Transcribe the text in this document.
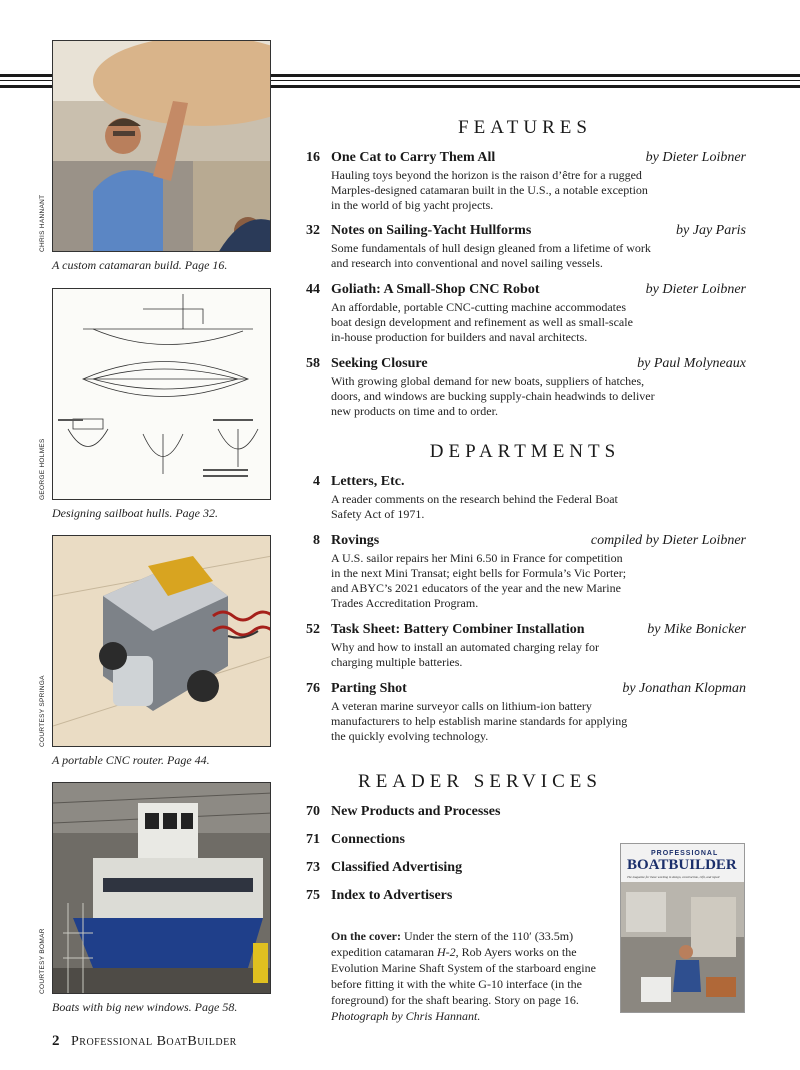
CHRIS HANNANT
A custom catamaran build. Page 16.
GEORGE HOLMES
Designing sailboat hulls. Page 32.
COURTESY SPRINGA
A portable CNC router. Page 44.
COURTESY BOMAR
Boats with big new windows. Page 58.
FEATURES
16 One Cat to Carry Them All	by Dieter Loibner
Hauling toys beyond the horizon is the raison d’être for a rugged
Marples-designed catamaran built in the U.S., a notable exception
in the world of big yacht projects.
32 Notes on Sailing-Yacht Hullforms	by Jay Paris
Some fundamentals of hull design gleaned from a lifetime of work
and research into conventional and novel sailing vessels.
44 Goliath: A Small-Shop CNC Robot	by Dieter Loibner
An affordable, portable CNC-cutting machine accommodates
boat design development and refinement as well as small-scale
in-house production for builders and naval architects.
58 Seeking Closure	by Paul Molyneaux
With growing global demand for new boats, suppliers of hatches,
doors, and windows are bucking supply-chain headwinds to deliver
new products on time and to order.
DEPARTMENTS
4 Letters, Etc.
A reader comments on the research behind the Federal Boat
Safety Act of 1971.
8 Rovings	compiled by Dieter Loibner
A U.S. sailor repairs her Mini 6.50 in France for competition
in the next Mini Transat; eight bells for Formula’s Vic Porter;
and ABYC’s 2021 educators of the year and the new Marine
Trades Accreditation Program.
52 Task Sheet: Battery Combiner Installation	by Mike Bonicker
Why and how to install an automated charging relay for
charging multiple batteries.
76 Parting Shot	by Jonathan Klopman
A veteran marine surveyor calls on lithium-ion battery
manufacturers to help establish marine standards for applying
the quickly evolving technology.
READER SERVICES
70 New Products and Processes
71 Connections
73 Classified Advertising
75 Index to Advertisers
On the cover: Under the stern of the 110′ (33.5m) expedition catamaran H-2, Rob Ayers works on the Evolution Marine Shaft System of the starboard engine before fitting it with the white G-10 interface (in the foreground) for the shaft bearing. Story on page 16. Photograph by Chris Hannant.
PROFESSIONAL
BOATBUILDER
The magazine for those working in design, construction, refit, and repair
2 Professional BoatBuilder
